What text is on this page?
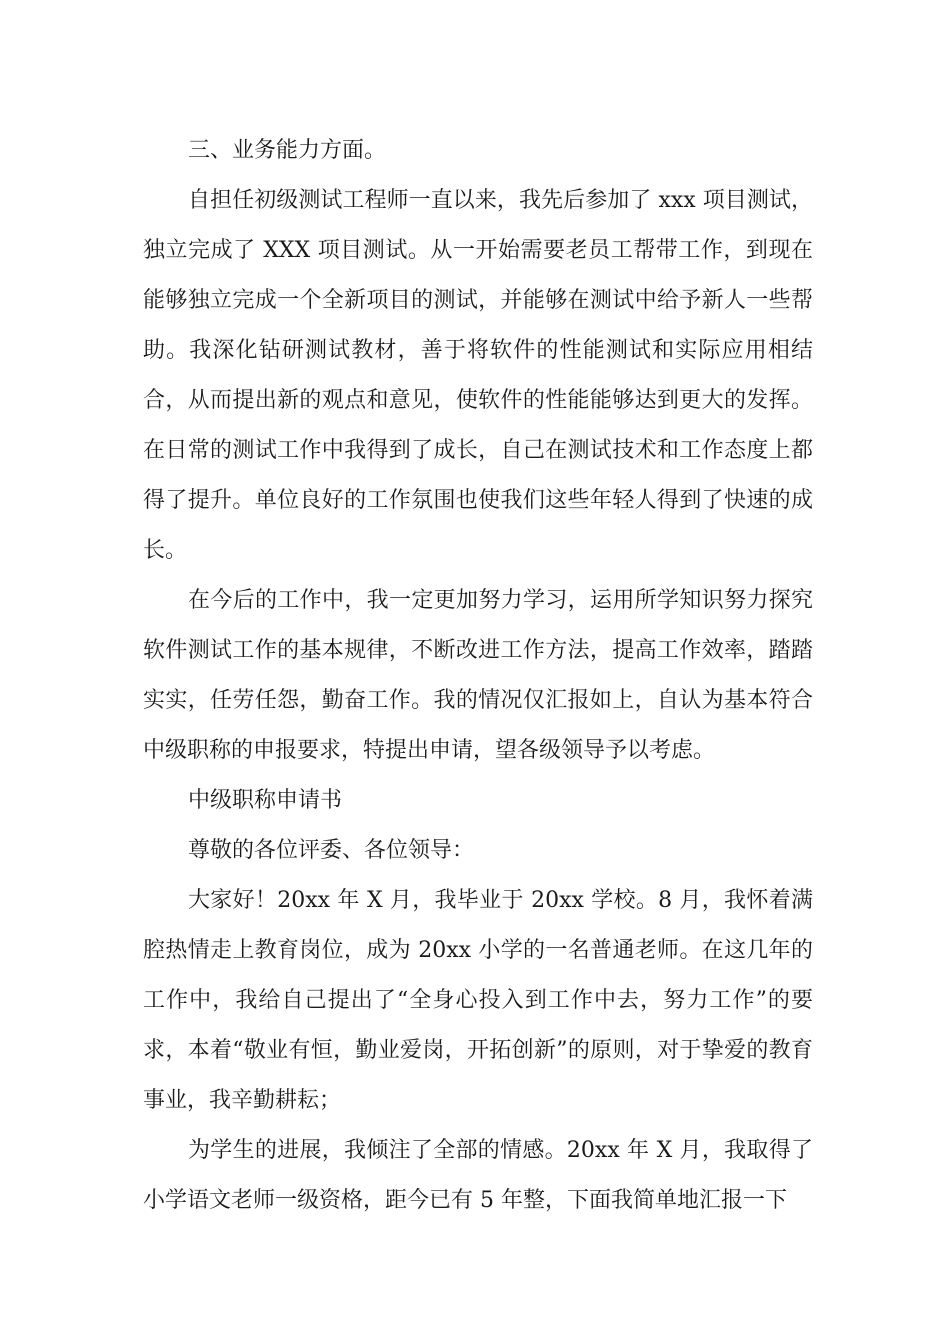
三、业务能力方面。

自担任初级测试工程师一直以来，我先后参加了 xxx 项目测试，独立完成了 XXX 项目测试。从一开始需要老员工帮带工作，到现在能够独立完成一个全新项目的测试，并能够在测试中给予新人一些帮助。我深化钻研测试教材，善于将软件的性能测试和实际应用相结合，从而提出新的观点和意见，使软件的性能能够达到更大的发挥。在日常的测试工作中我得到了成长，自己在测试技术和工作态度上都得了提升。单位良好的工作氛围也使我们这些年轻人得到了快速的成长。

在今后的工作中，我一定更加努力学习，运用所学知识努力探究软件测试工作的基本规律，不断改进工作方法，提高工作效率，踏踏实实，任劳任怨，勤奋工作。我的情况仅汇报如上，自认为基本符合中级职称的申报要求，特提出申请，望各级领导予以考虑。

中级职称申请书

尊敬的各位评委、各位领导：

大家好！20xx 年 X 月，我毕业于 20xx 学校。8 月，我怀着满腔热情走上教育岗位，成为 20xx 小学的一名普通老师。在这几年的工作中，我给自己提出了“全身心投入到工作中去，努力工作”的要求，本着“敬业有恒，勤业爱岗，开拓创新”的原则，对于挚爱的教育事业，我辛勤耕耘；

为学生的进展，我倾注了全部的情感。20xx 年 X 月，我取得了小学语文老师一级资格，距今已有 5 年整，下面我简单地汇报一下
